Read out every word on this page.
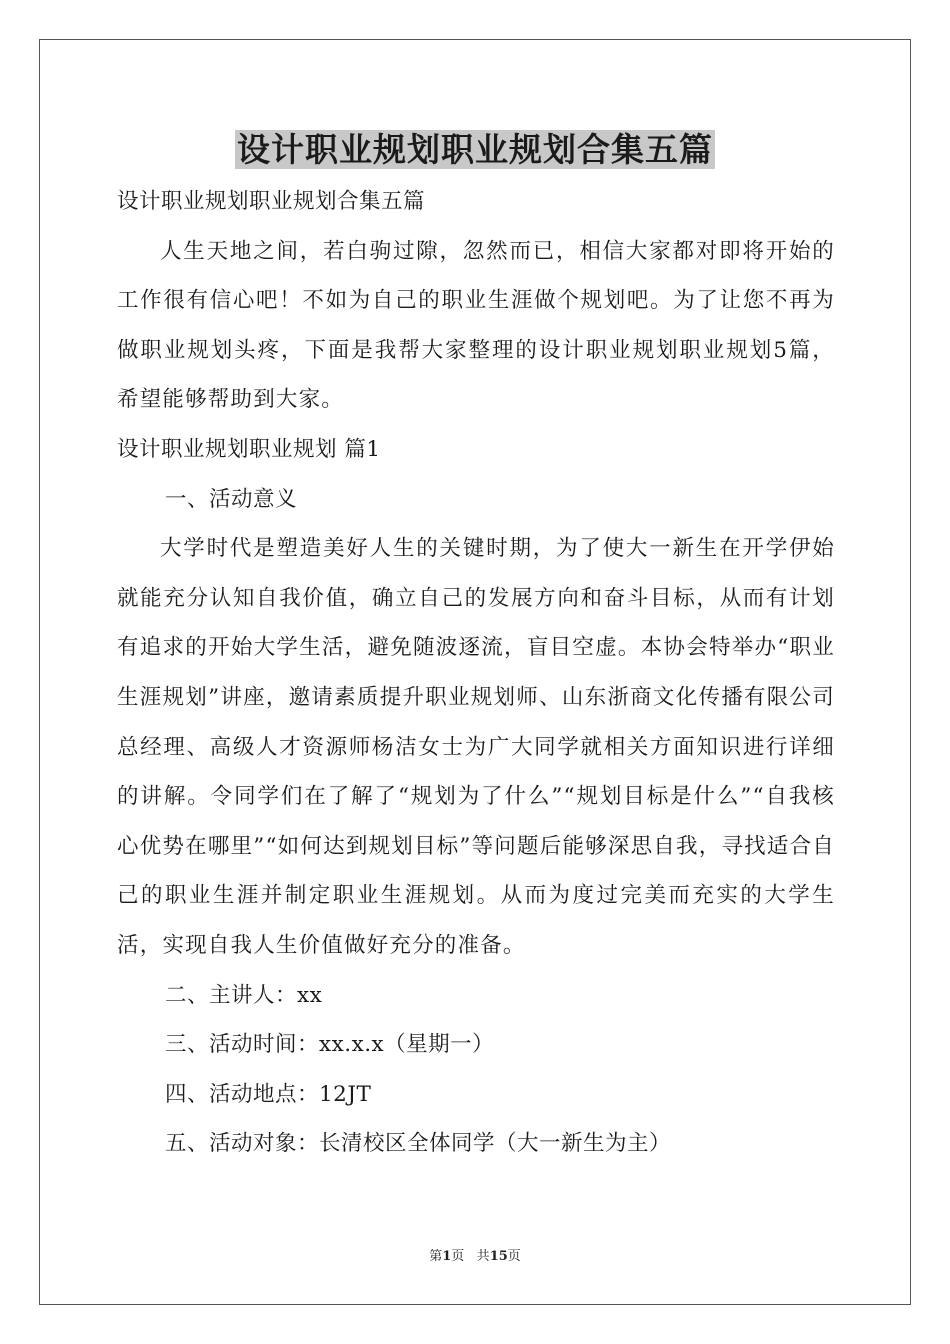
设计职业规划职业规划合集五篇
设计职业规划职业规划合集五篇

人生天地之间，若白驹过隙，忽然而已，相信大家都对即将开始的工作很有信心吧！不如为自己的职业生涯做个规划吧。为了让您不再为做职业规划头疼，下面是我帮大家整理的设计职业规划职业规划5篇，希望能够帮助到大家。

设计职业规划职业规划 篇1
一、活动意义

大学时代是塑造美好人生的关键时期，为了使大一新生在开学伊始就能充分认知自我价值，确立自己的发展方向和奋斗目标，从而有计划有追求的开始大学生活，避免随波逐流，盲目空虚。本协会特举办“职业生涯规划”讲座，邀请素质提升职业规划师、山东浙商文化传播有限公司总经理、高级人才资源师杨洁女士为广大同学就相关方面知识进行详细的讲解。令同学们在了解了“规划为了什么”“规划目标是什么”“自我核心优势在哪里”“如何达到规划目标”等问题后能够深思自我，寻找适合自己的职业生涯并制定职业生涯规划。从而为度过完美而充实的大学生活，实现自我人生价值做好充分的准备。

二、主讲人：xx
三、活动时间：xx.x.x（星期一）
四、活动地点：12JT
五、活动对象：长清校区全体同学（大一新生为主）
第1页 共15页
